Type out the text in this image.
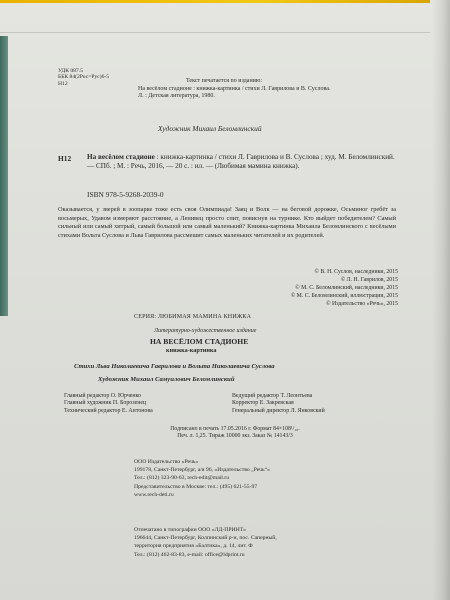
УДК 087.5
ББК 84(2Рос=Рус)6-5
Н12	Текст печатается по изданию:
На весёлом стадионе : книжка-картинка / стихи Л. Гаврилова и В. Суслова.
Л. : Детская литература, 1980.
Художник Михаил Беломлинский
Н12 На весёлом стадионе : книжка-картинка / стихи Л. Гаврилова и В. Суслова ; худ. М. Беломлинский. — СПб. ; М. : Речь, 2016, — 20 с. : ил. — (Любимая мамина книжка).
ISBN 978-5-9268-2039-0
Оказывается, у зверей в зоопарке тоже есть своя Олимпиада! Заяц и Волк — на беговой дорожке, Осьминог гребёт за восьмерых, Удавом измеряют расстояние, а Ленивец просто спит, повиснув на турнике. Кто выйдет победителем? Самый сильный или самый хитрый, самый большой или самый маленький? Книжка-картинка Михаила Беломлинского с весёлыми стихами Вольта Суслова и Льва Гаврилова рассмешит самых маленьких читателей и их родителей.
© В. Н. Суслов, наследники, 2015
© Л. Н. Гаврилов, 2015
© М. С. Беломлинский, наследники, 2015
© М. С. Беломлинский, иллюстрации, 2015
© Издательство «Речь», 2015
СЕРИЯ: ЛЮБИМАЯ МАМИНА КНИЖКА
Литературно-художественное издание
НА ВЕСЁЛОМ СТАДИОНЕ
книжка-картинка
Стихи Льва Николаевича Гаврилова и Вольта Николаевича Суслова
Художник Михаил Самуилович Беломлинский
Главный редактор О. Юрченко
Главный художник П. Борозенец
Технический редактор Е. Антонова
Ведущий редактор Т. Леонтьева
Корректор Е. Закревская
Генеральный директор Л. Янковский
Подписано в печать 17.05.2016 г. Формат 84×108¹/₁₆.
Печ. л. 1,25. Тираж 10000 экз. Заказ № 14143/3
ООО Издательство «Речь»
199178, Санкт-Петербург, а/я 96, «Издательство „Речь“»
Тел.: (812) 323-90-63, rech-edit@mail.ru
Представительство в Москве: тел.: (495) 621-55-97
www.rech-deti.ru
Отпечатано в типографии ООО «ЛД-ПРИНТ»
196644, Санкт-Петербург, Колпинский р-н, пос. Саперный,
территория предприятия «Балтика», д. 14, лит. Ф
Тел.: (812) 462-83-83, e-mail: office@ldprint.ru
